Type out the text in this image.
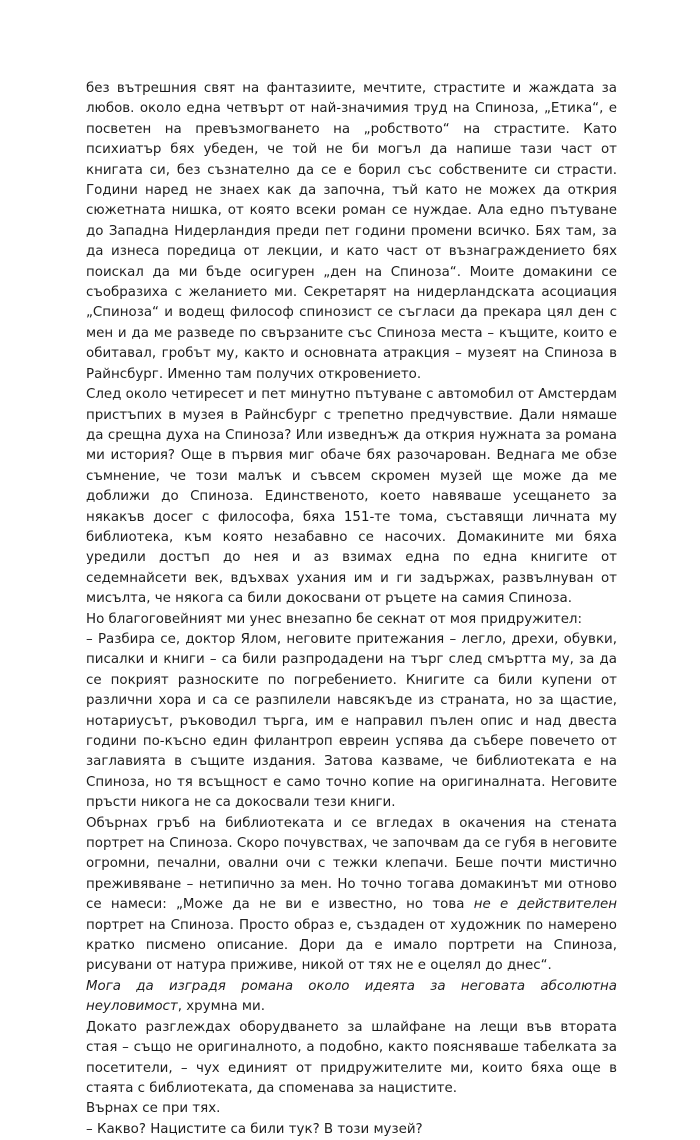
без вътрешния свят на фантазиите, мечтите, страстите и жаждата за любов. около една четвърт от най-значимия труд на Спиноза, „Етика“, е посветен на превъзмогването на „робството“ на страстите. Като психиатър бях убеден, че той не би могъл да напише тази част от книгата си, без съзнателно да се е борил със собствените си страсти. Години наред не знаех как да започна, тъй като не можех да открия сюжетната нишка, от която всеки роман се нуждае. Ала едно пътуване до Западна Нидерландия преди пет години промени всичко. Бях там, за да изнеса поредица от лекции, и като част от възнаграждението бях поискал да ми бъде осигурен „ден на Спиноза“. Моите домакини се съобразиха с желанието ми. Секретарят на нидерландската асоциация „Спиноза“ и водещ философ спинозист се съгласи да прекара цял ден с мен и да ме разведе по свързаните със Спиноза места – къщите, които е обитавал, гробът му, както и основната атракция – музеят на Спиноза в Райнсбург. Именно там получих откровението.

След около четиресет и пет минутно пътуване с автомобил от Амстердам пристъпих в музея в Райнсбург с трепетно предчувствие. Дали нямаше да срещна духа на Спиноза? Или изведнъж да открия нужната за романа ми история? Още в първия миг обаче бях разочарован. Веднага ме обзе съмнение, че този малък и съвсем скромен музей ще може да ме доближи до Спиноза. Единственото, което навяваше усещането за някакъв досег с философа, бяха 151-те тома, съставящи личната му библиотека, към която незабавно се насочих. Домакините ми бяха уредили достъп до нея и аз взимах една по една книгите от седемнайсети век, вдъхвах ухания им и ги задържах, развълнуван от мисълта, че някога са били докосвани от ръцете на самия Спиноза.

Но благоговейният ми унес внезапно бе секнат от моя придружител:

– Разбира се, доктор Ялом, неговите притежания – легло, дрехи, обувки, писалки и книги – са били разпродадени на търг след смъртта му, за да се покрият разноските по погребението. Книгите са били купени от различни хора и са се разпилели навсякъде из страната, но за щастие, нотариусът, ръководил търга, им е направил пълен опис и над двеста години по-късно един филантроп евреин успява да събере повечето от заглавията в същите издания. Затова казваме, че библиотеката е на Спиноза, но тя всъщност е само точно копие на оригиналната. Неговите пръсти никога не са докосвали тези книги.

Обърнах гръб на библиотеката и се вгледах в окачения на стената портрет на Спиноза. Скоро почувствах, че започвам да се губя в неговите огромни, печални, овални очи с тежки клепачи. Беше почти мистично преживяване – нетипично за мен. Но точно тогава домакинът ми отново се намеси: „Може да не ви е известно, но това не е действителен портрет на Спиноза. Просто образ е, създаден от художник по намерено кратко писмено описание. Дори да е имало портрети на Спиноза, рисувани от натура приживе, никой от тях не е оцелял до днес“.

Мога да изградя романа около идеята за неговата абсолютна неуловимост, хрумна ми.

Докато разглеждах оборудването за шлайфане на лещи във втората стая – също не оригиналното, а подобно, както поясняваше табелката за посетители, – чух единият от придружителите ми, които бяха още в стаята с библиотеката, да споменава за нацистите.

Върнах се при тях.

– Какво? Нацистите са били тук? В този музей?
